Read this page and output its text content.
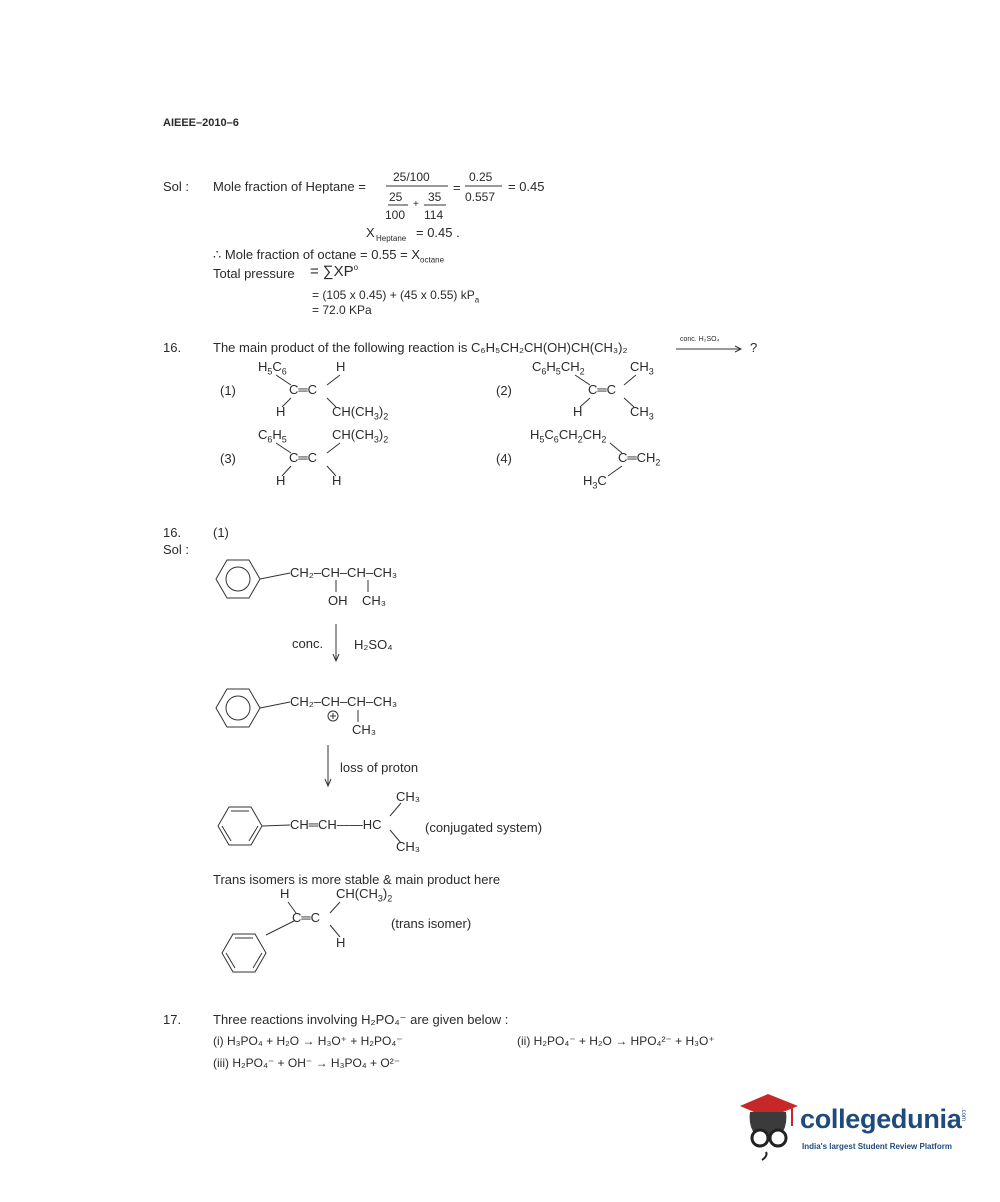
AIEEE–2010–6
Sol : Mole fraction of Heptane =
25/100
25 35
+
100 114
=
0.25
0.557
= 0.45
X Heptane = 0.45 .
∴ Mole fraction of $octane = 0.55 = X_{octane}$
Total pressure = $\sum XP^o$
= (105 x 0.45) + (45 x 0.55) $kP_a$
= 72.0 KPa
16. The main product of the following reaction is C₆H₅CH₂CH(OH)CH(CH₃)₂
conc. H₂SO₄
?
(1)	(2)
(3)	(4)
$H_5C_6$	H
C═C
H	$CH(CH_3)_2$
$C_6H_5CH_2$	$CH_3$
C═C
H	$CH_3$
$C_6H_5$	$CH(CH_3)_2$
C═C
H	H
$H_5C_6CH_2CH_2$
$C═CH_2$
$H_3C$
16. (1)
Sol :
CH₂–CH–CH–CH₃
OH CH₃
conc. H₂SO₄
CH₂–CH–CH–CH₃
CH₃
loss of proton
CH₃
CH═CH——HC	(conjugated system)
CH₃
Trans isomers is more stable & main product here
H	$CH(CH_3)_2$
C═C	(trans isomer)
H
17. Three reactions involving H₂PO₄⁻ are given below :
(i) H₃PO₄ + H₂O → H₃O⁺ + H₂PO₄⁻	(ii) H₂PO₄⁻ + H₂O → HPO₄²⁻ + H₃O⁺
(iii) H₂PO₄⁻ + OH⁻ → H₃PO₄ + O²⁻
collegedunia
.com
India's largest Student Review Platform
